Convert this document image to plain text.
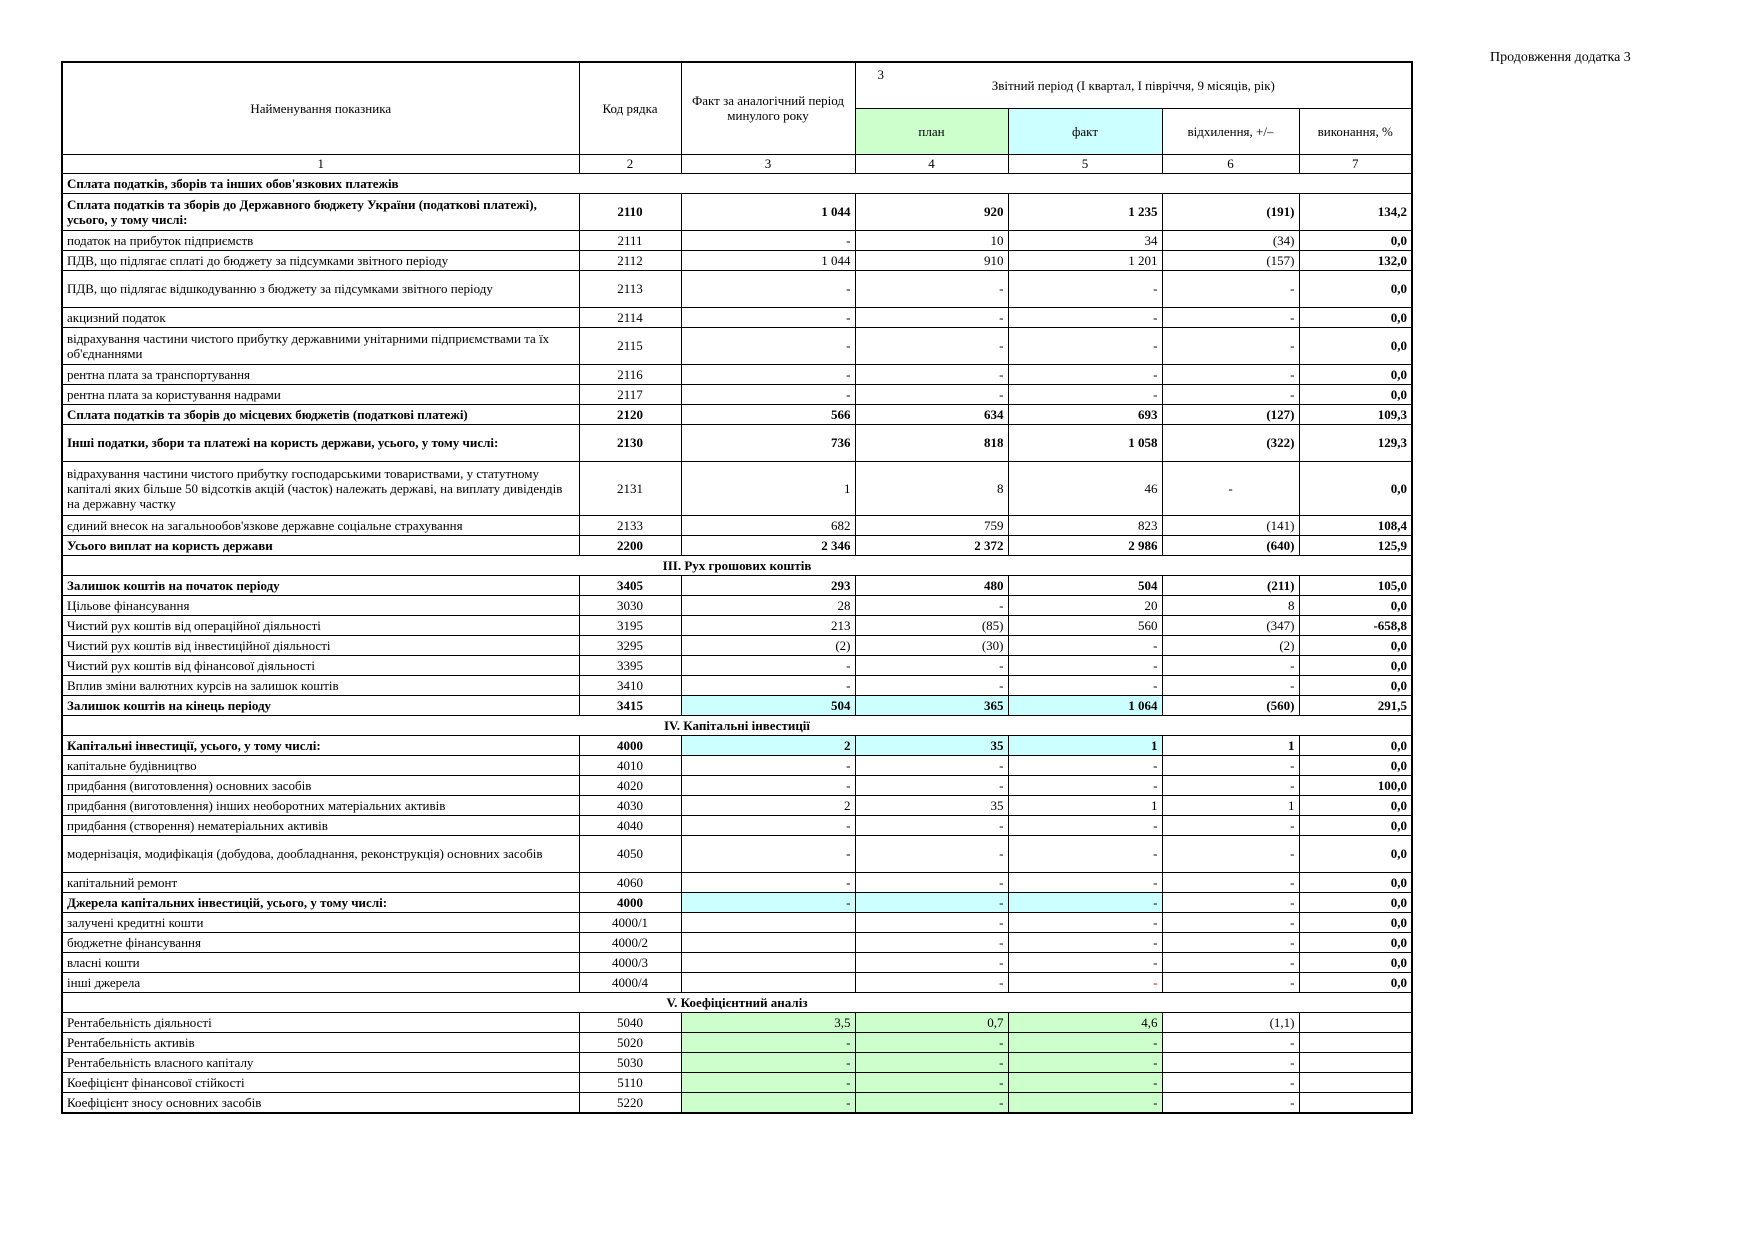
Продовження додатка 3
Найменування показника	Код рядка	Факт за аналогічний період минулого року	3
Звітний період (I квартал, I півріччя, 9 місяців, рік)			
			план	факт	відхилення, +/–	виконання, %
1	2	3	4	5	6	7
Сплата податків, зборів та інших обов'язкових платежів						
Сплата податків та зборів до Державного бюджету України (податкові платежі), усього, у тому числі:	2110	1 044	920	1 235	(191)	134,2
податок на прибуток підприємств	2111	-	10	34	(34)	0,0
ПДВ, що підлягає сплаті до бюджету за підсумками звітного періоду	2112	1 044	910	1 201	(157)	132,0
ПДВ, що підлягає відшкодуванню з бюджету за підсумками звітного періоду	2113	-	-	-	-	0,0
акцизний податок	2114	-	-	-	-	0,0
відрахування частини чистого прибутку державними унітарними підприємствами та їх об'єднаннями	2115	-	-	-	-	0,0
рентна плата за транспортування	2116	-	-	-	-	0,0
рентна плата за користування надрами	2117	-	-	-	-	0,0
Сплата податків та зборів до місцевих бюджетів (податкові платежі)	2120	566	634	693	(127)	109,3
Інші податки, збори та платежі на користь держави, усього, у тому числі:	2130	736	818	1 058	(322)	129,3
відрахування частини чистого прибутку господарськими товариствами, у статутному капіталі яких більше 50 відсотків акцій (часток) належать державі, на виплату дивідендів на державну частку	2131	1	8	46	-	0,0
єдиний внесок на загальнообов'язкове державне соціальне страхування	2133	682	759	823	(141)	108,4
Усього виплат на користь держави	2200	2 346	2 372	2 986	(640)	125,9
III. Рух грошових коштів						
Залишок коштів на початок періоду	3405	293	480	504	(211)	105,0
Цільове фінансування	3030	28	-	20	8	0,0
Чистий рух коштів від операційної діяльності	3195	213	(85)	560	(347)	-658,8
Чистий рух коштів від інвестиційної діяльності	3295	(2)	(30)	-	(2)	0,0
Чистий рух коштів від фінансової діяльності	3395	-	-	-	-	0,0
Вплив зміни валютних курсів на залишок коштів	3410	-	-	-	-	0,0
Залишок коштів на кінець періоду	3415	504	365	1 064	(560)	291,5
IV. Капітальні інвестиції						
Капітальні інвестиції, усього, у тому числі:	4000	2	35	1	1	0,0
капітальне будівництво	4010	-	-	-	-	0,0
придбання (виготовлення) основних засобів	4020	-	-	-	-	100,0
придбання (виготовлення) інших необоротних матеріальних активів	4030	2	35	1	1	0,0
придбання (створення) нематеріальних активів	4040	-	-	-	-	0,0
модернізація, модифікація (добудова, дообладнання, реконструкція) основних засобів	4050	-	-	-	-	0,0
капітальний ремонт	4060	-	-	-	-	0,0
Джерела капітальних інвестицій, усього, у тому числі:	4000	-	-	-	-	0,0
залучені кредитні кошти	4000/1		-	-	-	0,0
бюджетне фінансування	4000/2		-	-	-	0,0
власні кошти	4000/3		-	-	-	0,0
інші джерела	4000/4		-	-	-	0,0
V. Коефіцієнтний аналіз						
Рентабельність діяльності	5040	3,5	0,7	4,6	(1,1)	
Рентабельність активів	5020	-	-	-	-	
Рентабельність власного капіталу	5030	-	-	-	-	
Коефіцієнт фінансової стійкості	5110	-	-	-	-	
Коефіцієнт зносу основних засобів	5220	-	-	-	-	
